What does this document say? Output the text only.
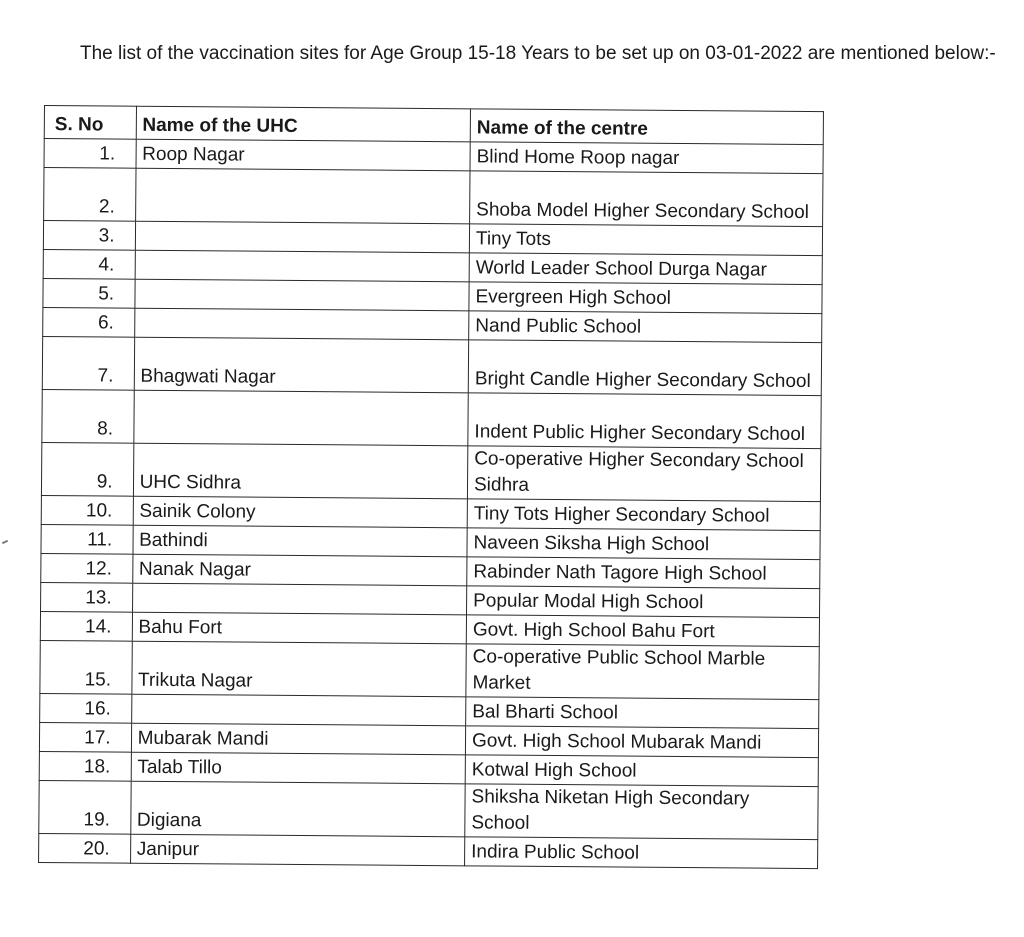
The list of the vaccination sites for Age Group 15-18 Years to be set up on 03-01-2022 are mentioned below:-

S. No	Name of the UHC	Name of the centre
1.	Roop Nagar	Blind Home Roop nagar
2.		Shoba Model Higher Secondary School
3.		Tiny Tots
4.		World Leader School Durga Nagar
5.		Evergreen High School
6.		Nand Public School
7.	Bhagwati Nagar	Bright Candle Higher Secondary School
8.		Indent Public Higher Secondary School
9.	UHC Sidhra	Co-operative Higher Secondary School Sidhra
10.	Sainik Colony	Tiny Tots Higher Secondary School
11.	Bathindi	Naveen Siksha High School
12.	Nanak Nagar	Rabinder Nath Tagore High School
13.		Popular Modal High School
14.	Bahu Fort	Govt. High School Bahu Fort
15.	Trikuta Nagar	Co-operative Public School Marble Market
16.		Bal Bharti School
17.	Mubarak Mandi	Govt. High School Mubarak Mandi
18.	Talab Tillo	Kotwal High School
19.	Digiana	Shiksha Niketan High Secondary School
20.	Janipur	Indira Public School
